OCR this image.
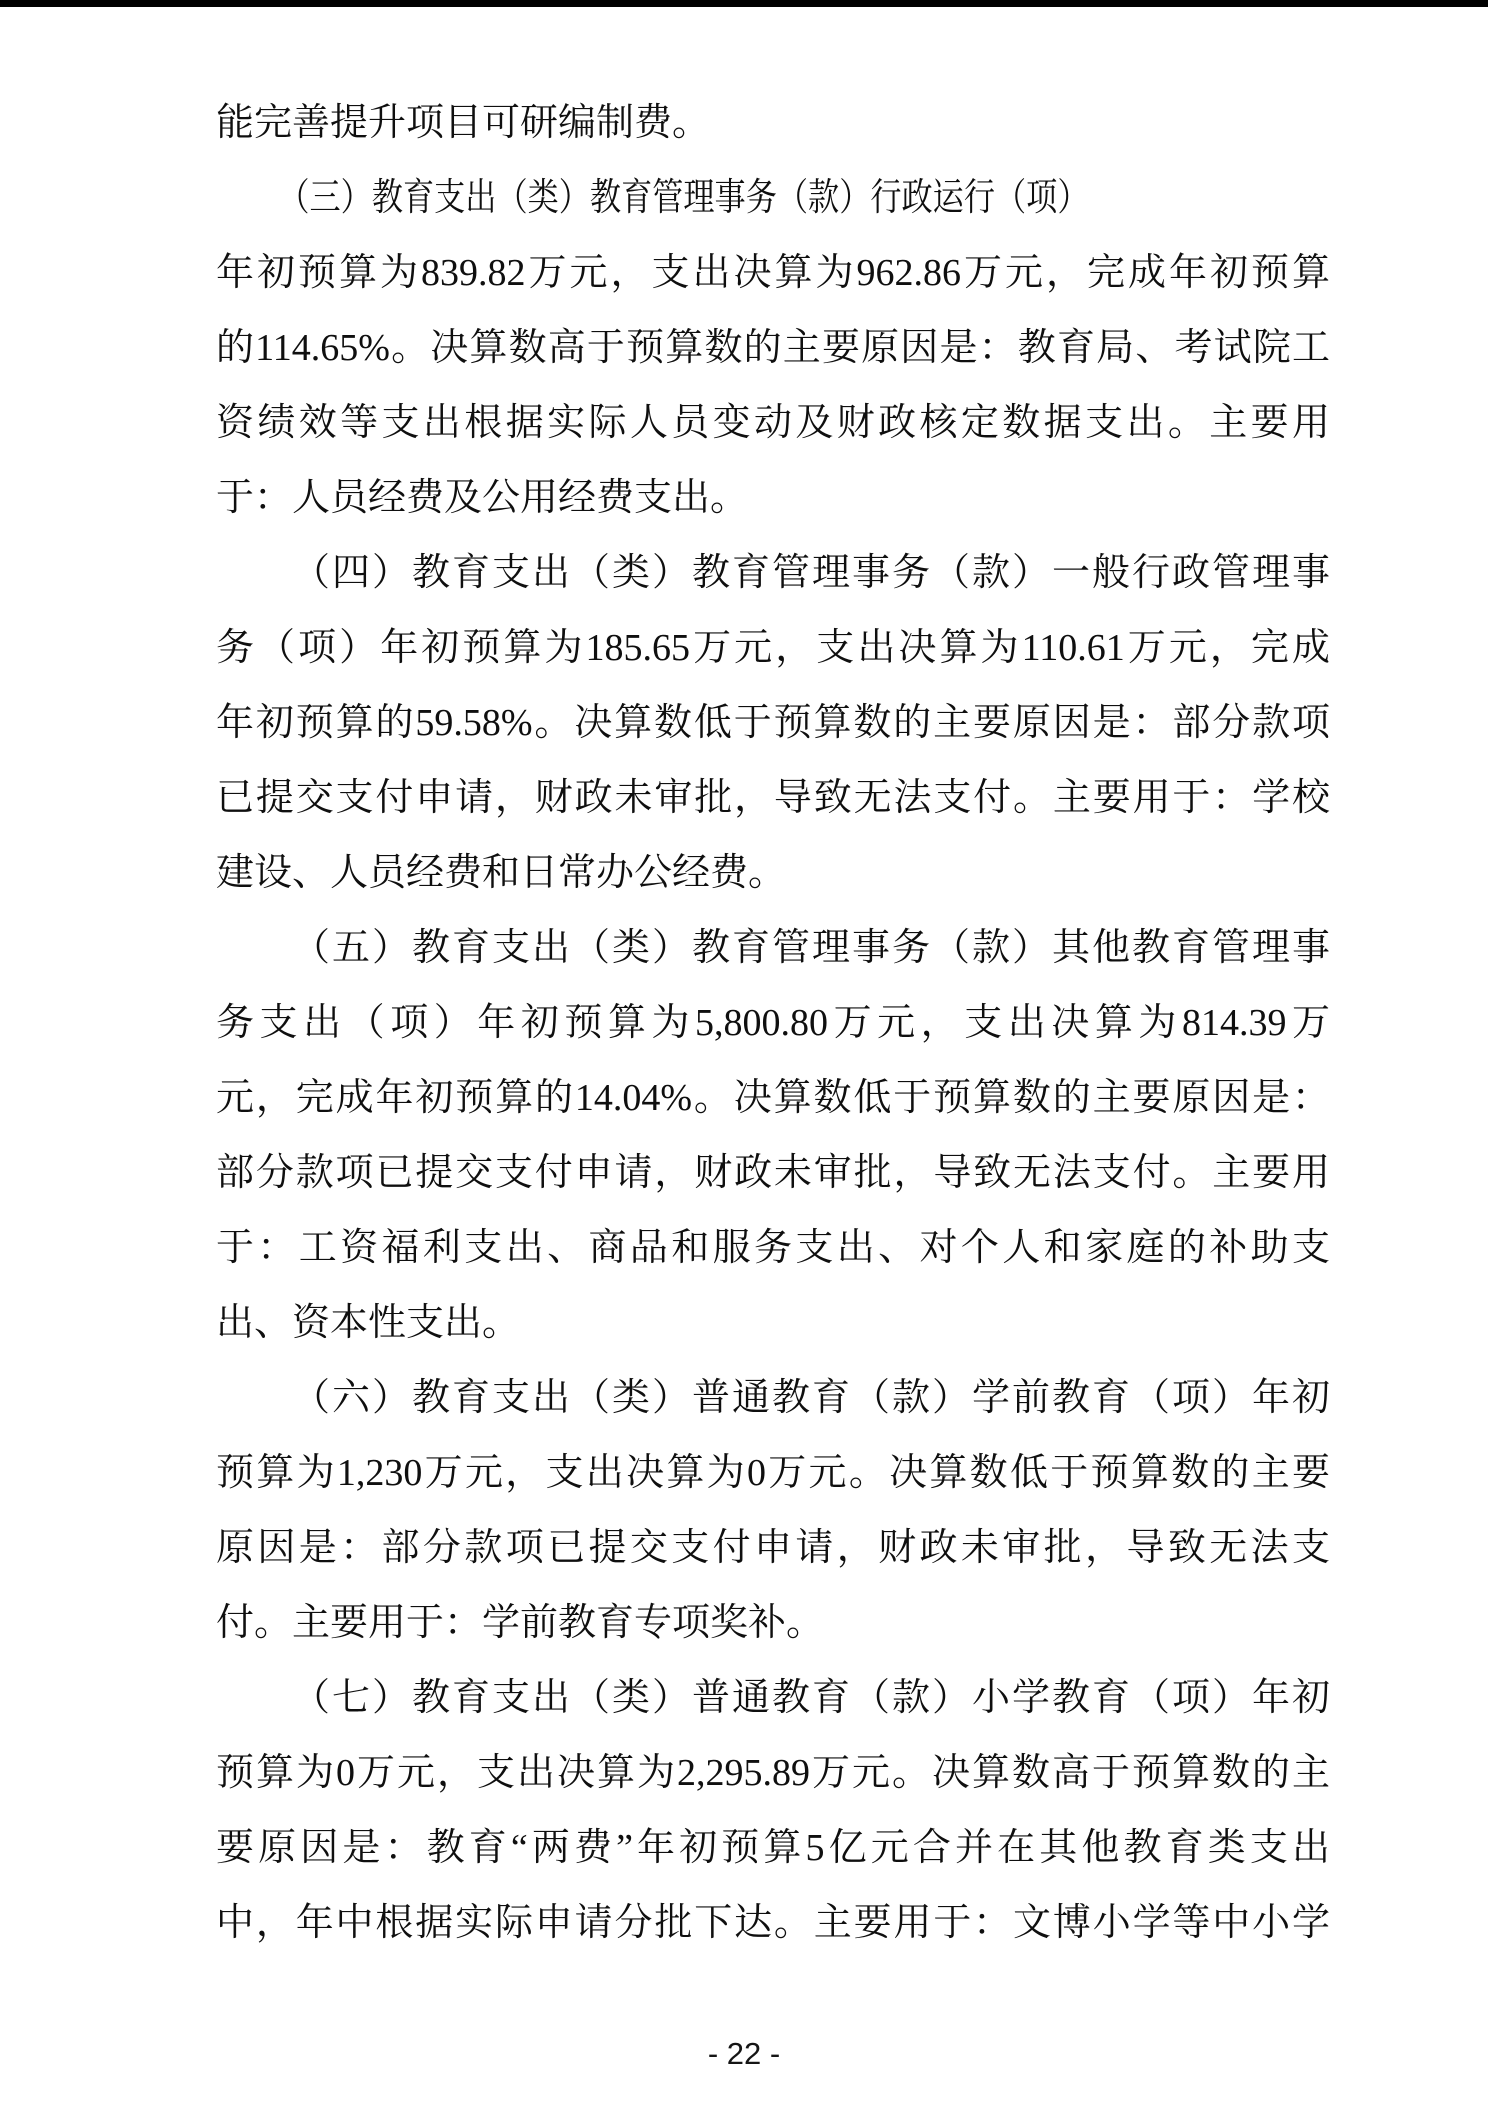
能完善提升项目可研编制费。

（三）教育支出（类）教育管理事务（款）行政运行（项）

年初预算为839.82万元，支出决算为962.86万元，完成年初预算

的114.65%。决算数高于预算数的主要原因是：教育局、考试院工

资绩效等支出根据实际人员变动及财政核定数据支出。主要用

于：人员经费及公用经费支出。

（四）教育支出（类）教育管理事务（款）一般行政管理事

务（项）年初预算为185.65万元，支出决算为110.61万元，完成

年初预算的59.58%。决算数低于预算数的主要原因是：部分款项

已提交支付申请，财政未审批，导致无法支付。主要用于：学校

建设、人员经费和日常办公经费。

（五）教育支出（类）教育管理事务（款）其他教育管理事

务支出（项）年初预算为5,800.80万元，支出决算为814.39万

元，完成年初预算的14.04%。决算数低于预算数的主要原因是：

部分款项已提交支付申请，财政未审批，导致无法支付。主要用

于：工资福利支出、商品和服务支出、对个人和家庭的补助支

出、资本性支出。

（六）教育支出（类）普通教育（款）学前教育（项）年初

预算为1,230万元，支出决算为0万元。决算数低于预算数的主要

原因是：部分款项已提交支付申请，财政未审批，导致无法支

付。主要用于：学前教育专项奖补。

（七）教育支出（类）普通教育（款）小学教育（项）年初

预算为0万元，支出决算为2,295.89万元。决算数高于预算数的主

要原因是：教育“两费”年初预算5亿元合并在其他教育类支出

中，年中根据实际申请分批下达。主要用于：文博小学等中小学

- 22 -
